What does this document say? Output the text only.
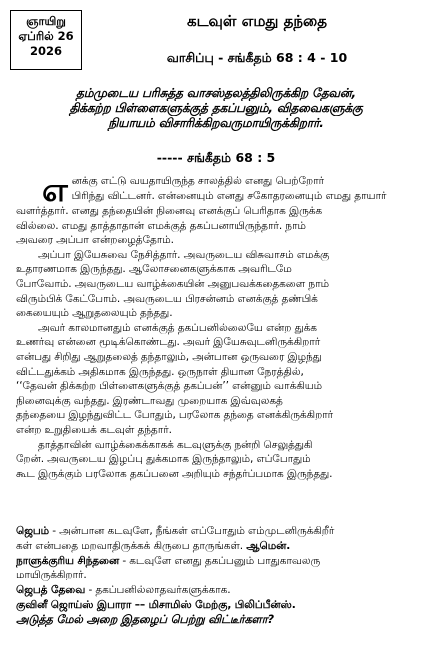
ஞாயிறு
ஏப்ரில் 26
2026
கடவுள் எமது தந்தை
வாசிப்பு - சங்கீதம் 68 : 4 - 10
தம்முடைய பரிசுத்த வாசஸ்தலத்திலிருக்கிற தேவன்,
திக்கற்ற பிள்ளைகளுக்குத் தகப்பனும், விதவைகளுக்கு
நியாயம் விசாரிக்கிறவருமாயிருக்கிறார்.
----- சங்கீதம் 68 : 5

எ னக்கு எட்டு வயதாயிருந்த சாலத்தில் எனது பெற்றோர்
பிரிந்து விட்டனர். என்னையும் எனது சகோதரனையும் எமது தாயார்
வளர்த்தார். எனது தந்தையின் நினைவு எனக்குப் பெரிதாக இருக்க
வில்லை. எமது தாத்தாதான் எமக்குத் தகப்பனாயிருந்தார். நாம்
அவரை அப்பா என்றழைத்தோம்.

அப்பா இயேசுவை நேசித்தார். அவருடைய விசுவாசம் எமக்கு
உதாரணமாக இருந்தது. ஆலோசனைகளுக்காக அவரிடமே
போவோம். அவருடைய வாழ்க்கையின் அனுபவக்கதைகளை நாம்
விரும்பிக் கேட்போம். அவருடைய பிரசன்னம் எனக்குத் தண்பிக்
கையையும் ஆறுதலையும் தந்தது.

அவர் காலமானதும் எனக்குத் தகப்பனில்லையே என்ற துக்க
உணர்வு என்னை மூடிக்கொண்டது. அவர் இயேசுவுடனிருக்கிறார்
என்பது சிறிது ஆறுதலைத் தந்தாலும், அன்பான ஒருவரை இழந்து
விட்டதுக்கம் அதிகமாக இருந்தது. ஒருநாள் தியான நேரத்தில்,
‘‘தேவன் திக்கற்ற பிள்ளைகளுக்குத் தகப்பன்’’ என்னும் வாக்கியம்
நினைவுக்கு வந்தது. இரண்டாவது முறையாக இவ்வுலகத்
தந்தையை இழந்துவிட்ட போதும், பரலோக தந்தை எனக்கிருக்கிறார்
என்ற உறுதியைக் கடவுள் தந்தார்.

தாத்தாவின் வாழ்க்கைக்காகக் கடவுளுக்கு நன்றி செலுத்துகி
றேன். அவருடைய இழப்பு துக்கமாக இருந்தாலும், எப்போதும்
கூட இருக்கும் பரலோக தகப்பனை அறியும் சந்தர்ப்பமாக இருந்தது.

ஜெபம் - அன்பான கடவுளே, நீங்கள் எப்போதும் எம்முடனிருக்கிறீர்
கள் என்பதை மறவாதிருக்கக் கிருபை தாருங்கள். ஆமென்.
நாளுக்குரிய சிந்தனை - கடவுளே எனது தகப்பனும் பாதுகாவலரு
மாயிருக்கிறார்.
ஜெபத் தேவை - தகப்பனில்லாதவர்களுக்காக.
குவினீ ஜொய்ஸ் இபாரா –– மிசாமிஸ் மேற்கு, பிலிப்பீன்ஸ்.
அடுத்த மேல் அறை இதழைப் பெற்று விட்டீர்களா?
